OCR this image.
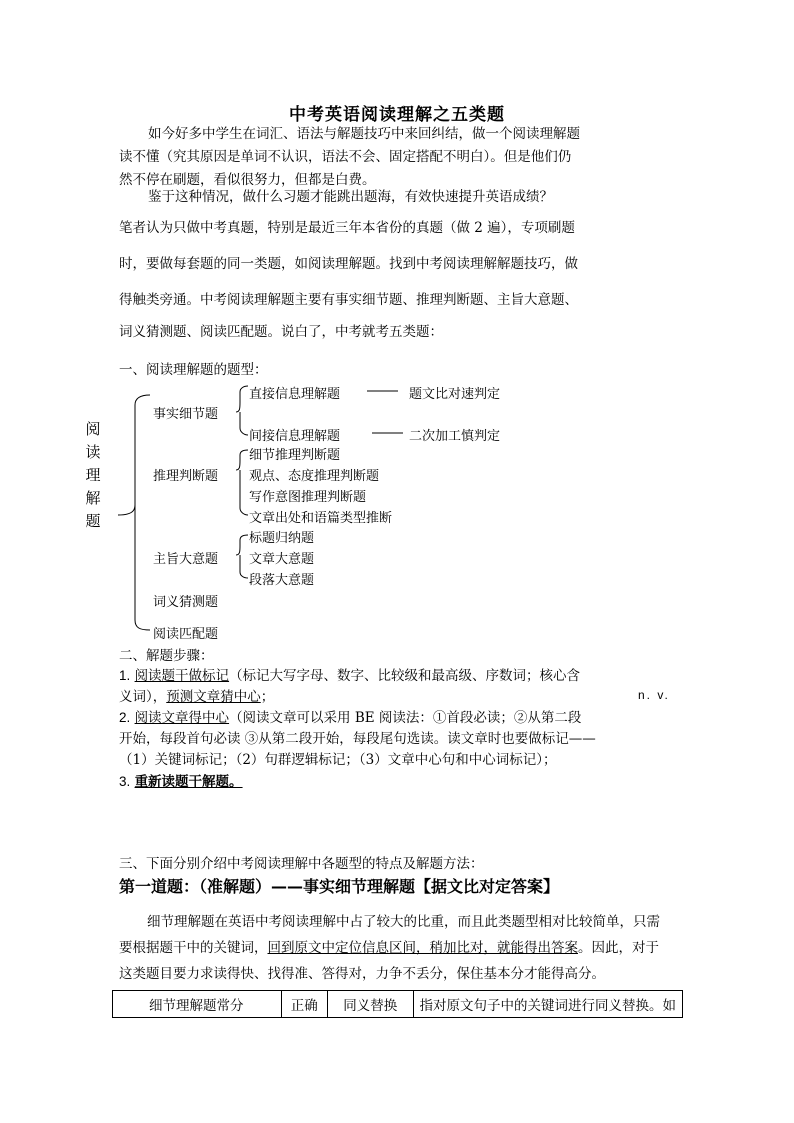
中考英语阅读理解之五类题
如今好多中学生在词汇、语法与解题技巧中来回纠结，做一个阅读理解题
读不懂（究其原因是单词不认识，语法不会、固定搭配不明白）。但是他们仍
然不停在刷题，看似很努力，但都是白费。
鉴于这种情况，做什么习题才能跳出题海，有效快速提升英语成绩？
笔者认为只做中考真题，特别是最近三年本省份的真题（做 2 遍），专项刷题
时，要做每套题的同一类题，如阅读理解题。找到中考阅读理解解题技巧，做
得触类旁通。中考阅读理解题主要有事实细节题、推理判断题、主旨大意题、
词义猜测题、阅读匹配题。说白了，中考就考五类题：
一、阅读理解题的题型：
阅
读
理
解
题
事实细节题
直接信息理解题	题文比对速判定
间接信息理解题	二次加工慎判定
推理判断题
细节推理判断题
观点、态度推理判断题
写作意图推理判断题
文章出处和语篇类型推断
主旨大意题
标题归纳题
文章大意题
段落大意题
词义猜测题
阅读匹配题
二、解题步骤：
1. 阅读题干做标记（标记大写字母、数字、比较级和最高级、序数词；核心含
义词），预测文章猜中心；	n. v.
2. 阅读文章得中心（阅读文章可以采用 BE 阅读法：①首段必读；②从第二段
开始，每段首句必读 ③从第二段开始，每段尾句选读。读文章时也要做标记——
（1）关键词标记；（2）句群逻辑标记；（3）文章中心句和中心词标记）；
3. 重新读题干解题。
三、下面分别介绍中考阅读理解中各题型的特点及解题方法：
第一道题：（准解题）——事实细节理解题【据文比对定答案】
细节理解题在英语中考阅读理解中占了较大的比重，而且此类题型相对比较简单，只需
要根据题干中的关键词，回到原文中定位信息区间，稍加比对，就能得出答案。因此，对于
这类题目要力求读得快、找得准、答得对，力争不丢分，保住基本分才能得高分。
细节理解题常分	正确	同义替换	指对原文句子中的关键词进行同义替换。如
